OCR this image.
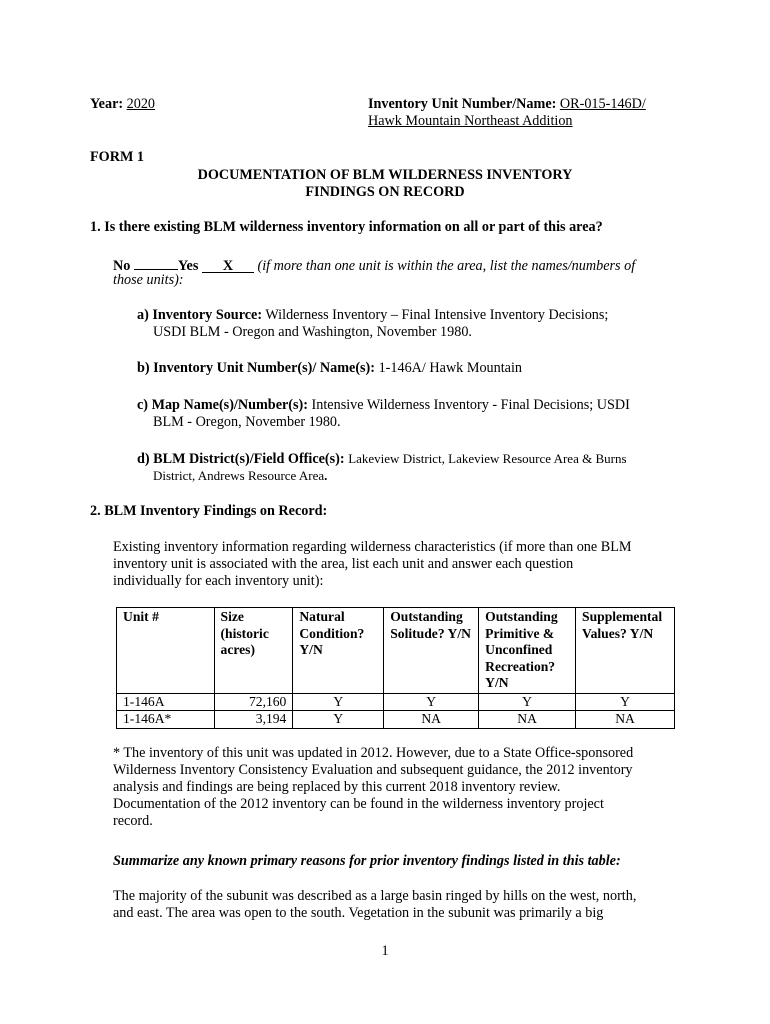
Year: 2020	Inventory Unit Number/Name: OR-015-146D/
Hawk Mountain Northeast Addition
FORM 1
DOCUMENTATION OF BLM WILDERNESS INVENTORY
FINDINGS ON RECORD
1. Is there existing BLM wilderness inventory information on all or part of this area?
No	Yes X (if more than one unit is within the area, list the names/numbers of
those units):
a) Inventory Source: Wilderness Inventory – Final Intensive Inventory Decisions;
USDI BLM - Oregon and Washington, November 1980.
b) Inventory Unit Number(s)/ Name(s): 1-146A/ Hawk Mountain
c) Map Name(s)/Number(s): Intensive Wilderness Inventory - Final Decisions; USDI
BLM - Oregon, November 1980.
d) BLM District(s)/Field Office(s): Lakeview District, Lakeview Resource Area & Burns
District, Andrews Resource Area.
2. BLM Inventory Findings on Record:
Existing inventory information regarding wilderness characteristics (if more than one BLM
inventory unit is associated with the area, list each unit and answer each question
individually for each inventory unit):
Unit #	Size (historic acres)	Natural Condition? Y/N	Outstanding Solitude? Y/N	Outstanding Primitive & Unconfined Recreation? Y/N	Supplemental Values? Y/N
1-146A	72,160	Y	Y	Y	Y
1-146A*	3,194	Y	NA	NA	NA
* The inventory of this unit was updated in 2012. However, due to a State Office-sponsored
Wilderness Inventory Consistency Evaluation and subsequent guidance, the 2012 inventory
analysis and findings are being replaced by this current 2018 inventory review.
Documentation of the 2012 inventory can be found in the wilderness inventory project
record.
Summarize any known primary reasons for prior inventory findings listed in this table:
The majority of the subunit was described as a large basin ringed by hills on the west, north,
and east. The area was open to the south. Vegetation in the subunit was primarily a big
1
